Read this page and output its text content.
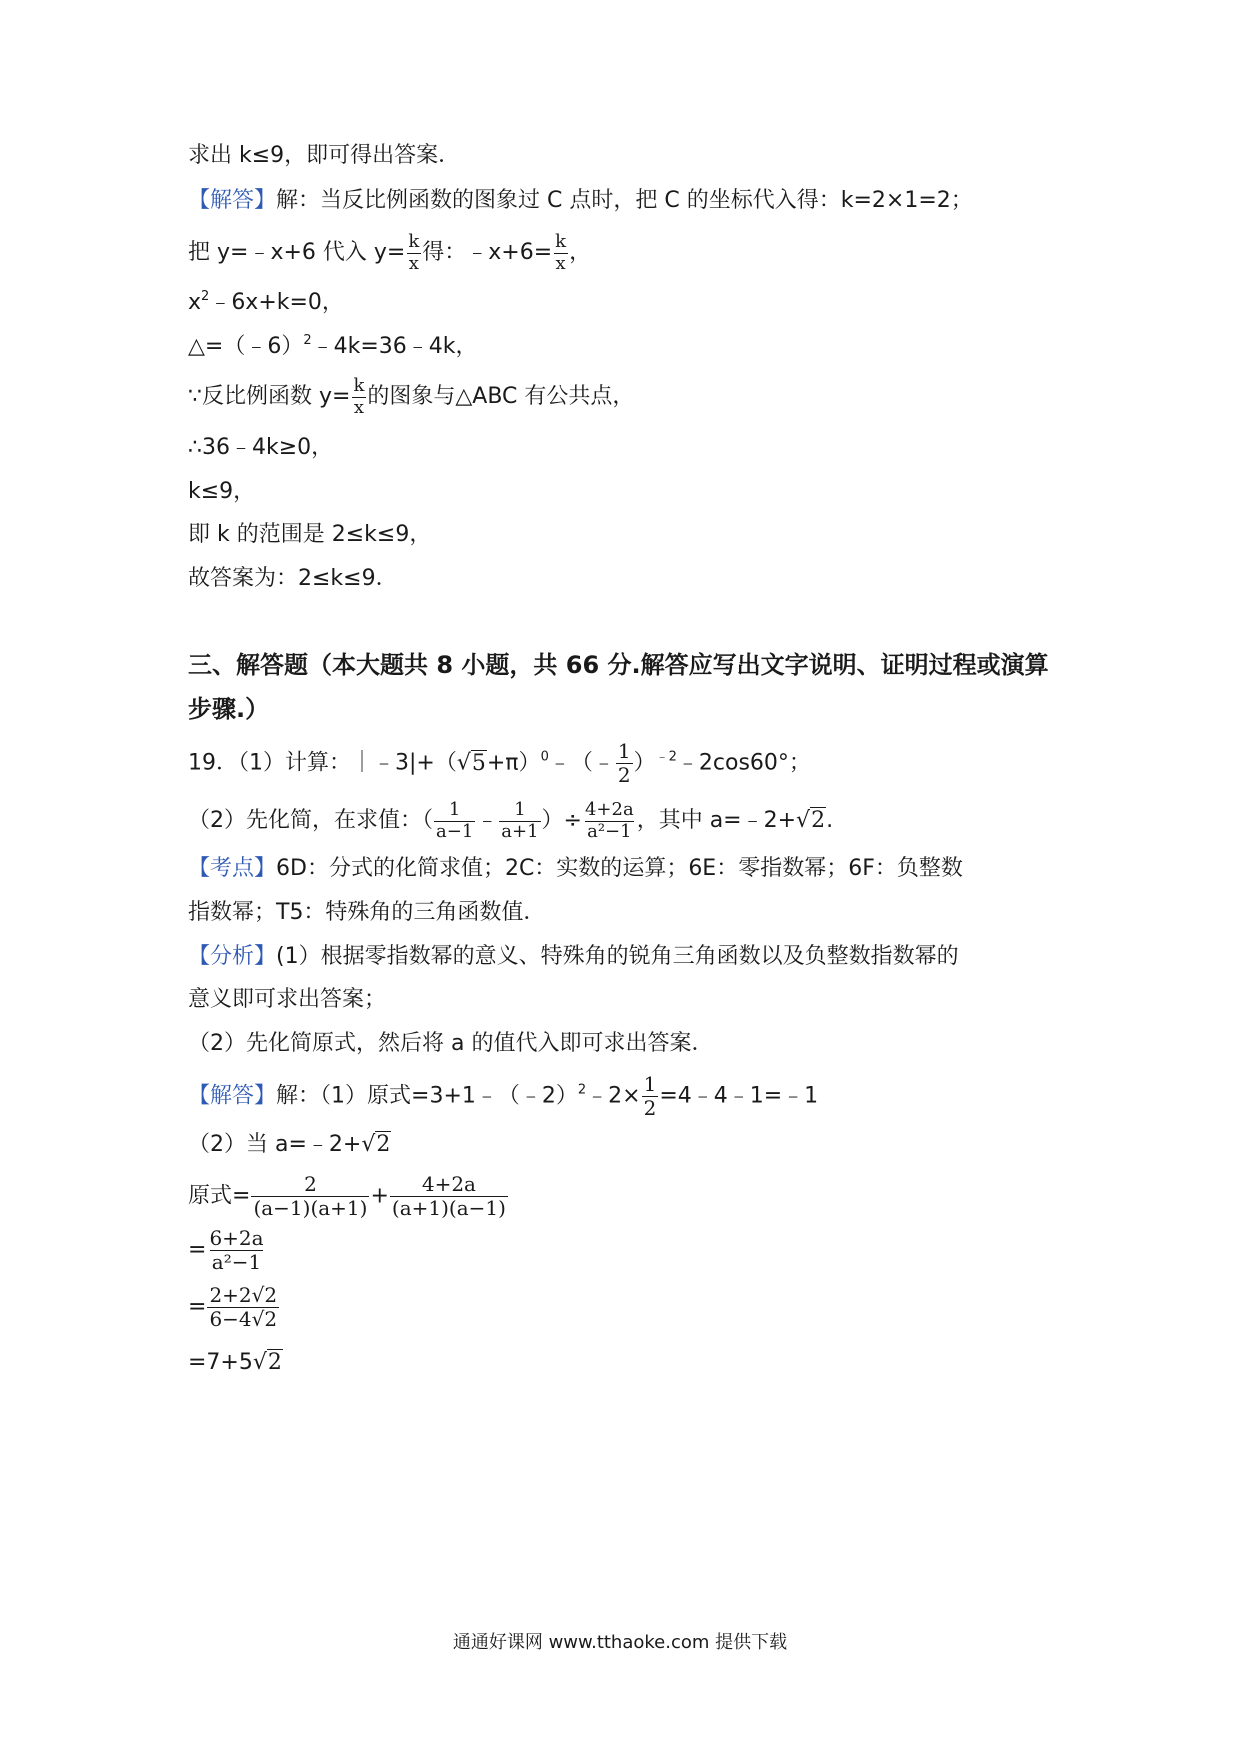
求出 k≤9，即可得出答案．
【解答】解：当反比例函数的图象过 C 点时，把 C 的坐标代入得：k=2×1=2；
把 y=﹣x+6 代入 $y= \frac{k}{x}$ 得：﹣x+6= $\frac{k}{x}$ ，
$x^2﹣6x+k=0$，
△=（﹣6）$^2$﹣4k=36﹣4k，
∵反比例函数 $y= \frac{k}{x}$ 的图象与△ABC 有公共点，
∴36﹣4k≥0，
k≤9，
即 k 的范围是 2≤k≤9，
故答案为：2≤k≤9．
三、解答题（本大题共 8 小题，共 66 分.解答应写出文字说明、证明过程或演算
步骤.）
19．（1）计算：$|﹣3|+(√5+\pi)^0﹣(﹣ \frac{1}{2}$ ）$^{﹣2}$﹣2cos60°；
（2）先化简，在求值：（ $\frac{1}{a-1}$ ﹣ $\frac{1}{a+1}$ ）÷ $\frac{4+2a}{\text{a²−1}}$ ，其中 a=﹣2+√2.
【考点】6D：分式的化简求值；2C：实数的运算；6E：零指数幂；6F：负整数
指数幂；T5：特殊角的三角函数值．
【分析】(1）根据零指数幂的意义、特殊角的锐角三角函数以及负整数指数幂的
意义即可求出答案；
（2）先化简原式，然后将 a 的值代入即可求出答案．
【解答】解：（1）原式=3+1﹣（﹣2）$^2$﹣2× $\frac{1}{2}$ =4﹣4﹣1=﹣1
（2）当 a=﹣2+√2
原式= $\frac{2}{(a-1)(a+1)} + \frac{4+2a}{(a+1)(a-1)}$
= $\frac{6+2a}{\text{a²−1}}$
= $\frac{2+2√2}{6-4√2}$
=7+5√2
通通好课网 www.tthaoke.com 提供下载
